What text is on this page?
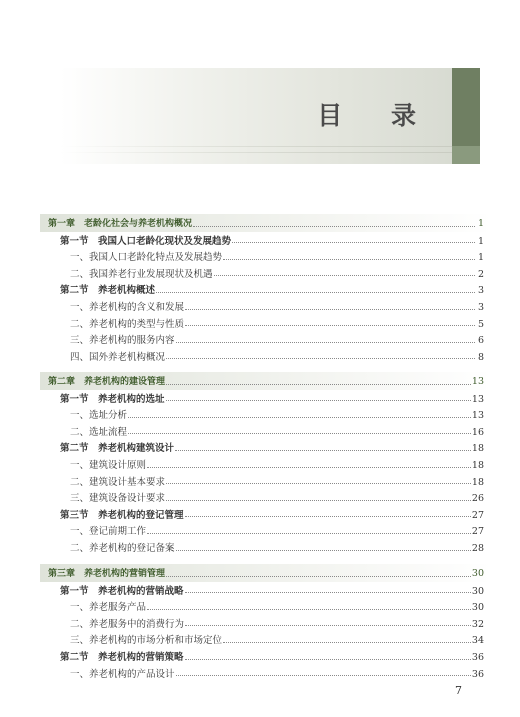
目 录
第一章　老龄化社会与养老机构概况	1
第一节　我国人口老龄化现状及发展趋势	1
一、我国人口老龄化特点及发展趋势	1
二、我国养老行业发展现状及机遇	2
第二节　养老机构概述	3
一、养老机构的含义和发展	3
二、养老机构的类型与性质	5
三、养老机构的服务内容	6
四、国外养老机构概况	8
第二章　养老机构的建设管理	13
第一节　养老机构的选址	13
一、选址分析	13
二、选址流程	16
第二节　养老机构建筑设计	18
一、建筑设计原则	18
二、建筑设计基本要求	18
三、建筑设备设计要求	26
第三节　养老机构的登记管理	27
一、登记前期工作	27
二、养老机构的登记备案	28
第三章　养老机构的营销管理	30
第一节　养老机构的营销战略	30
一、养老服务产品	30
二、养老服务中的消费行为	32
三、养老机构的市场分析和市场定位	34
第二节　养老机构的营销策略	36
一、养老机构的产品设计	36
7
